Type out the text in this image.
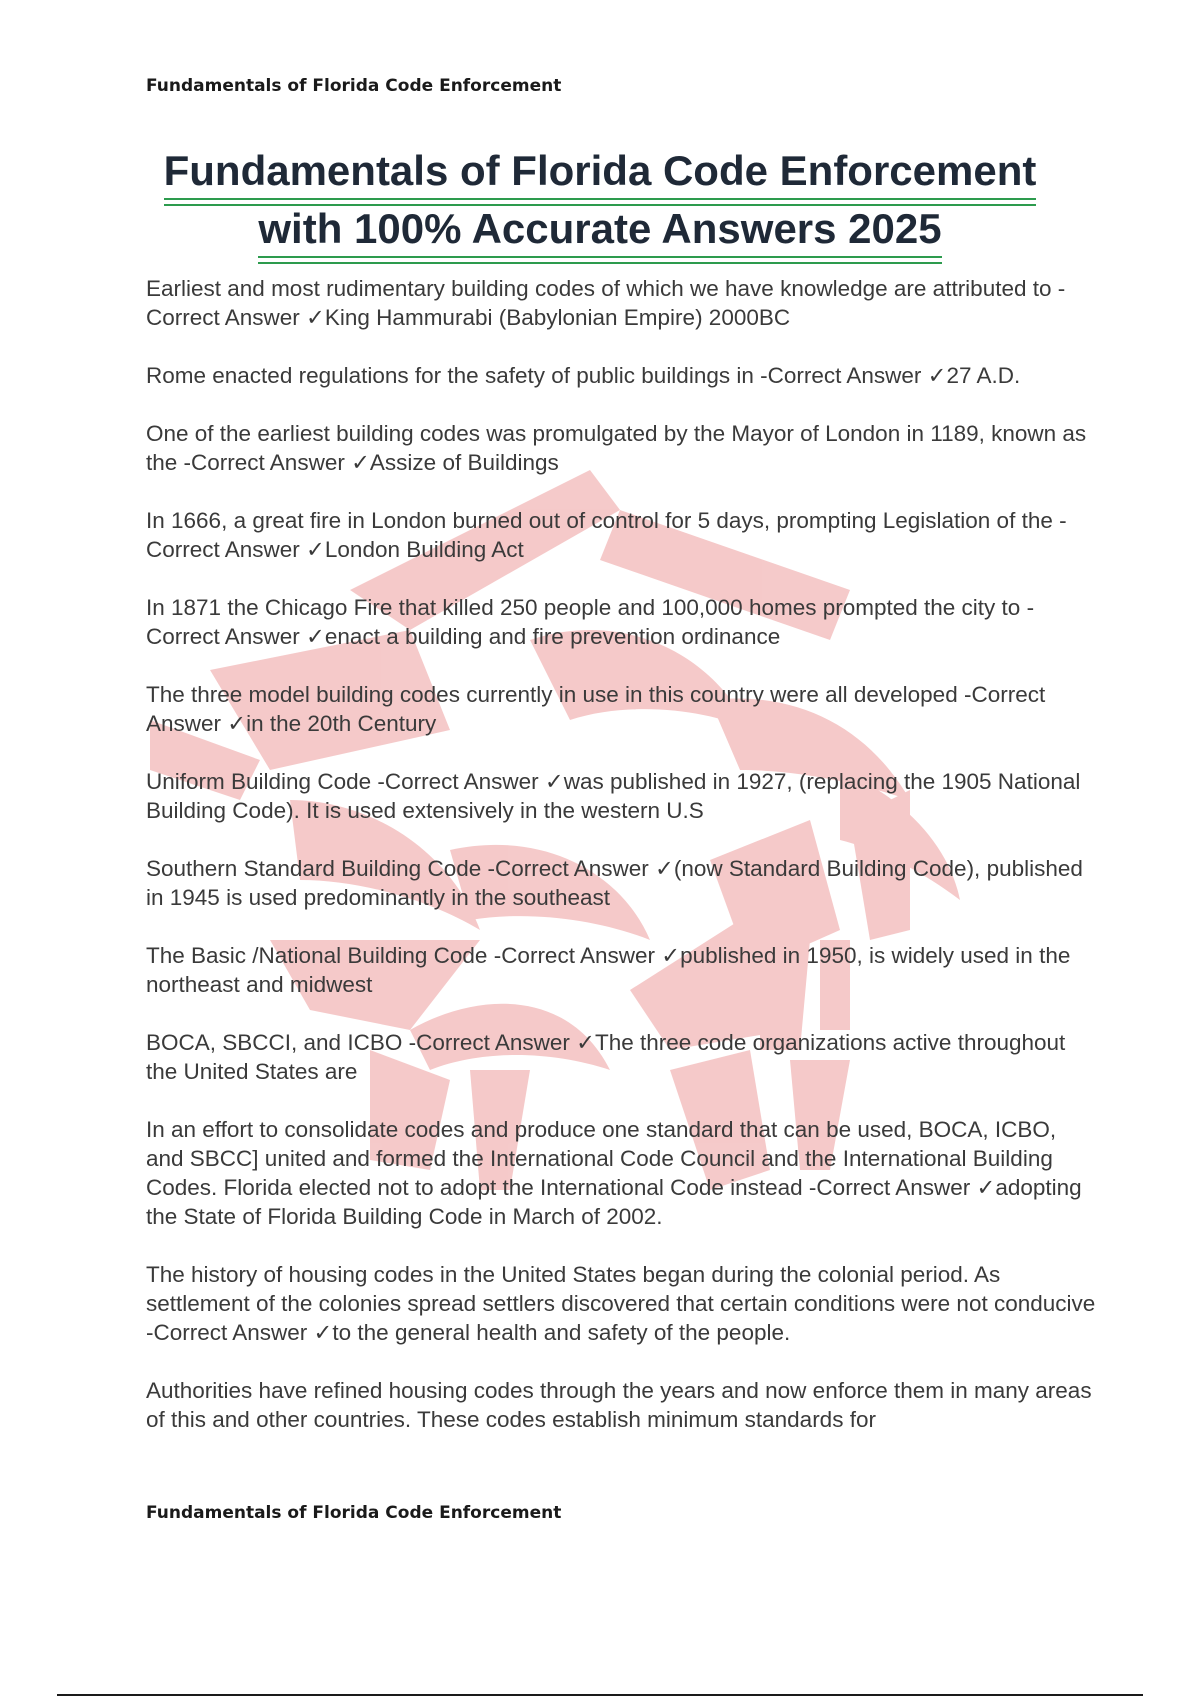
Fundamentals of Florida Code Enforcement
Fundamentals of Florida Code Enforcement
with 100% Accurate Answers 2025

Earliest and most rudimentary building codes of which we have knowledge are attributed to -Correct Answer ✓King Hammurabi (Babylonian Empire) 2000BC

Rome enacted regulations for the safety of public buildings in -Correct Answer ✓27 A.D.

One of the earliest building codes was promulgated by the Mayor of London in 1189, known as the -Correct Answer ✓Assize of Buildings

In 1666, a great fire in London burned out of control for 5 days, prompting Legislation of the -Correct Answer ✓London Building Act

In 1871 the Chicago Fire that killed 250 people and 100,000 homes prompted the city to -Correct Answer ✓enact a building and fire prevention ordinance

The three model building codes currently in use in this country were all developed -Correct Answer ✓in the 20th Century

Uniform Building Code -Correct Answer ✓was published in 1927, (replacing the 1905 National Building Code). It is used extensively in the western U.S

Southern Standard Building Code -Correct Answer ✓(now Standard Building Code), published in 1945 is used predominantly in the southeast

The Basic /National Building Code -Correct Answer ✓published in 1950, is widely used in the northeast and midwest

BOCA, SBCCI, and ICBO -Correct Answer ✓The three code organizations active throughout the United States are

In an effort to consolidate codes and produce one standard that can be used, BOCA, ICBO, and SBCC] united and formed the International Code Council and the International Building Codes. Florida elected not to adopt the International Code instead -Correct Answer ✓adopting the State of Florida Building Code in March of 2002.

The history of housing codes in the United States began during the colonial period. As settlement of the colonies spread settlers discovered that certain conditions were not conducive -Correct Answer ✓to the general health and safety of the people.

Authorities have refined housing codes through the years and now enforce them in many areas of this and other countries. These codes establish minimum standards for

Fundamentals of Florida Code Enforcement
